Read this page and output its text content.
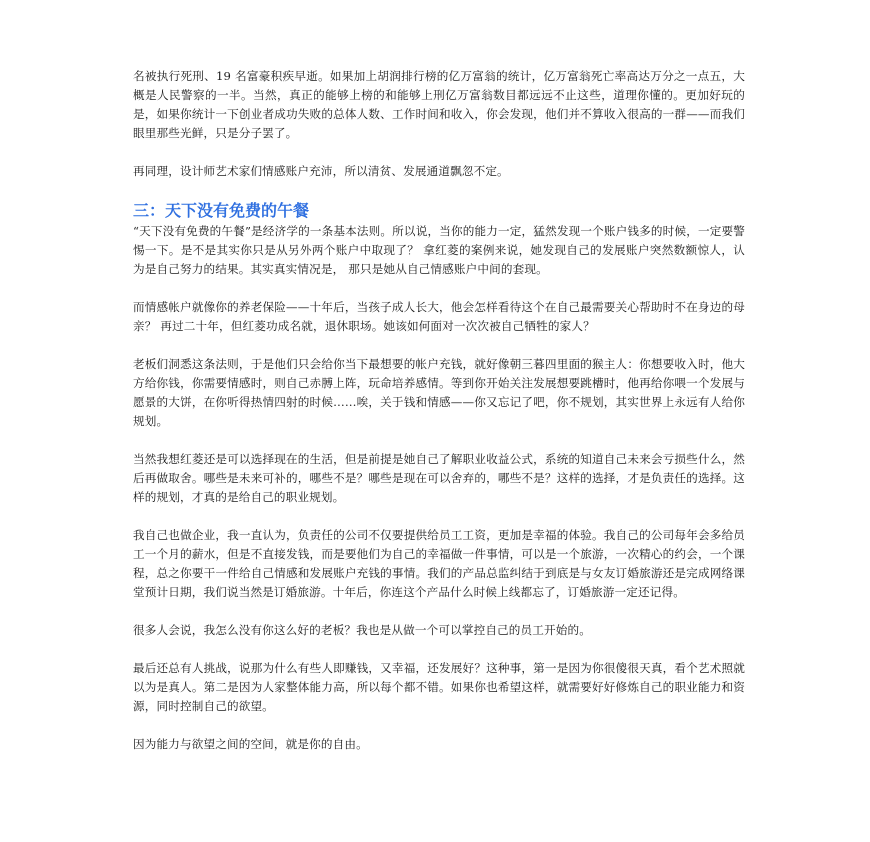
名被执行死刑、19 名富豪积疾早逝。如果加上胡润排行榜的亿万富翁的统计，亿万富翁死亡率高达万分之一点五，大概是人民警察的一半。当然，真正的能够上榜的和能够上刑亿万富翁数目都远远不止这些，道理你懂的。更加好玩的是，如果你统计一下创业者成功失败的总体人数、工作时间和收入，你会发现，他们并不算收入很高的一群——而我们眼里那些光鲜，只是分子罢了。

再同理，设计师艺术家们情感账户充沛，所以清贫、发展通道飘忽不定。

三：天下没有免费的午餐

“天下没有免费的午餐”是经济学的一条基本法则。所以说，当你的能力一定，猛然发现一个账户钱多的时候，一定要警惕一下。是不是其实你只是从另外两个账户中取现了？ 拿红菱的案例来说，她发现自己的发展账户突然数额惊人，认为是自己努力的结果。其实真实情况是， 那只是她从自己情感账户中间的套现。

而情感帐户就像你的养老保险——十年后，当孩子成人长大，他会怎样看待这个在自己最需要关心帮助时不在身边的母亲？ 再过二十年，但红菱功成名就，退休职场。她该如何面对一次次被自己牺牲的家人？

老板们洞悉这条法则，于是他们只会给你当下最想要的帐户充钱，就好像朝三暮四里面的猴主人：你想要收入时，他大方给你钱，你需要情感时，则自己赤膊上阵，玩命培养感情。等到你开始关注发展想要跳槽时，他再给你喂一个发展与愿景的大饼，在你听得热情四射的时候……唉，关于钱和情感——你又忘记了吧，你不规划，其实世界上永远有人给你规划。

当然我想红菱还是可以选择现在的生活，但是前提是她自己了解职业收益公式，系统的知道自己未来会亏损些什么，然后再做取舍。哪些是未来可补的，哪些不是？哪些是现在可以舍弃的，哪些不是？这样的选择，才是负责任的选择。这样的规划，才真的是给自己的职业规划。

我自己也做企业，我一直认为，负责任的公司不仅要提供给员工工资，更加是幸福的体验。我自己的公司每年会多给员工一个月的薪水，但是不直接发钱，而是要他们为自己的幸福做一件事情，可以是一个旅游，一次精心的约会，一个课程，总之你要干一件给自己情感和发展账户充钱的事情。我们的产品总监纠结于到底是与女友订婚旅游还是完成网络课堂预计日期，我们说当然是订婚旅游。十年后，你连这个产品什么时候上线都忘了，订婚旅游一定还记得。

很多人会说，我怎么没有你这么好的老板？我也是从做一个可以掌控自己的员工开始的。

最后还总有人挑战，说那为什么有些人即赚钱，又幸福，还发展好？这种事，第一是因为你很傻很天真，看个艺术照就以为是真人。第二是因为人家整体能力高，所以每个都不错。如果你也希望这样，就需要好好修炼自己的职业能力和资源，同时控制自己的欲望。

因为能力与欲望之间的空间，就是你的自由。
